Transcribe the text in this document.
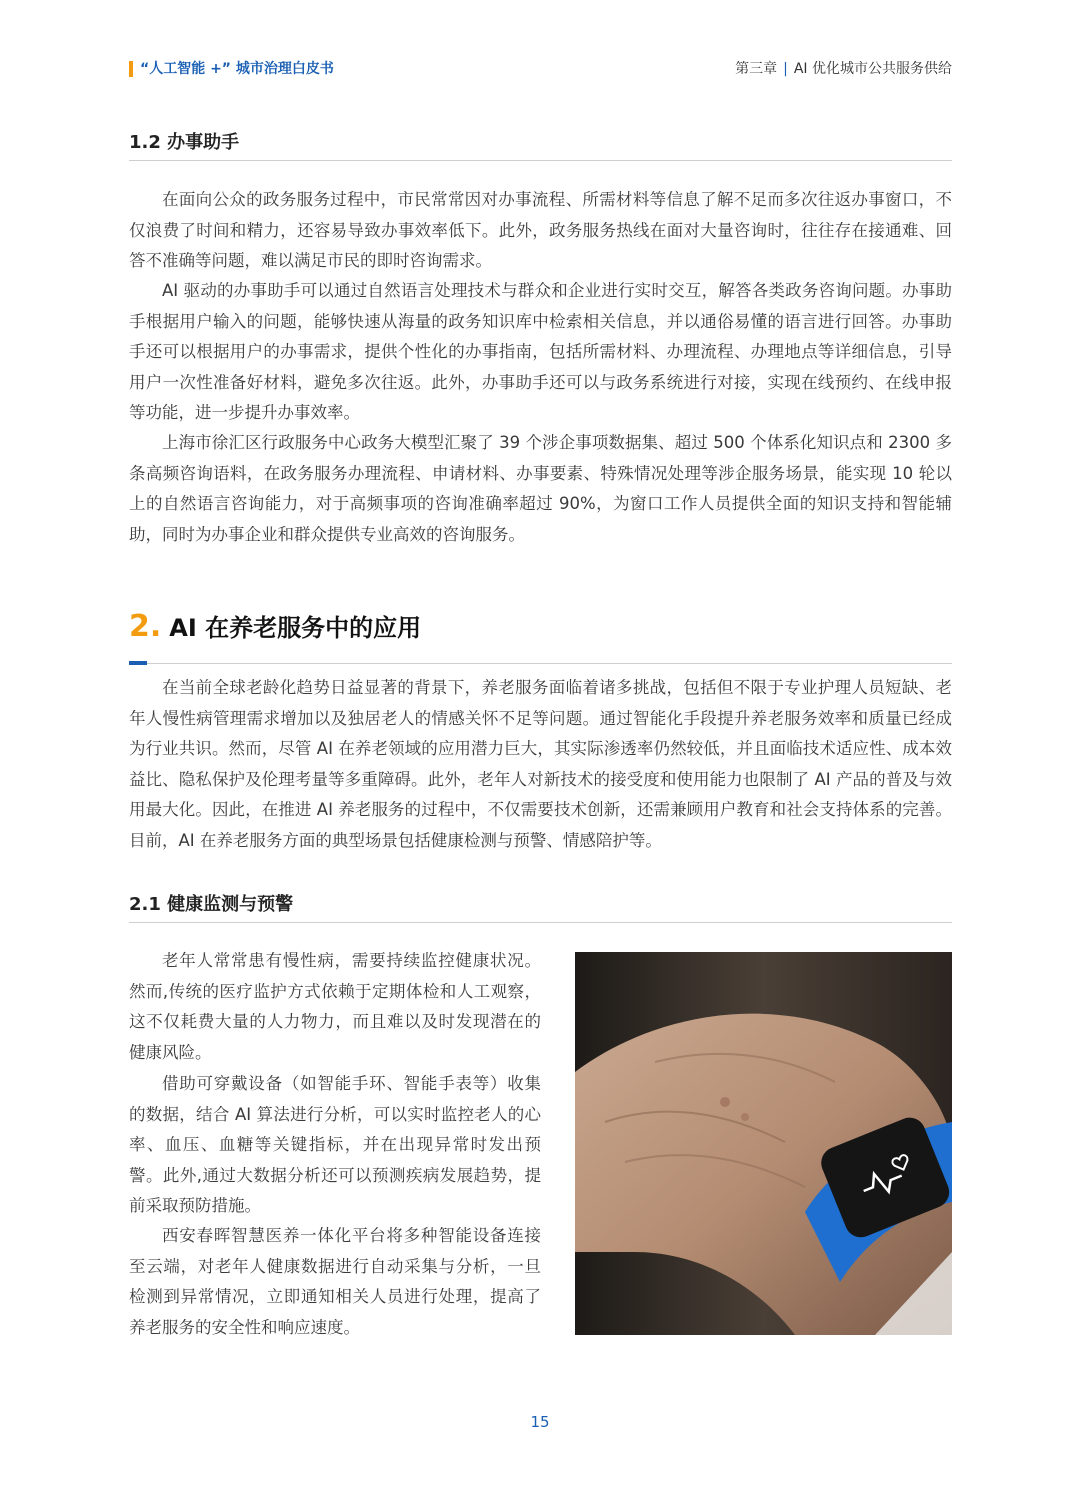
“人工智能 +” 城市治理白皮书	第三章 | AI 优化城市公共服务供给
1.2 办事助手

在面向公众的政务服务过程中，市民常常因对办事流程、所需材料等信息了解不足而多次往返办事窗口，不仅浪费了时间和精力，还容易导致办事效率低下。此外，政务服务热线在面对大量咨询时，往往存在接通难、回答不准确等问题，难以满足市民的即时咨询需求。

AI 驱动的办事助手可以通过自然语言处理技术与群众和企业进行实时交互，解答各类政务咨询问题。办事助手根据用户输入的问题，能够快速从海量的政务知识库中检索相关信息，并以通俗易懂的语言进行回答。办事助手还可以根据用户的办事需求，提供个性化的办事指南，包括所需材料、办理流程、办理地点等详细信息，引导用户一次性准备好材料，避免多次往返。此外，办事助手还可以与政务系统进行对接，实现在线预约、在线申报等功能，进一步提升办事效率。

上海市徐汇区行政服务中心政务大模型汇聚了 39 个涉企事项数据集、超过 500 个体系化知识点和 2300 多条高频咨询语料，在政务服务办理流程、申请材料、办事要素、特殊情况处理等涉企服务场景，能实现 10 轮以上的自然语言咨询能力，对于高频事项的咨询准确率超过 90%，为窗口工作人员提供全面的知识支持和智能辅助，同时为办事企业和群众提供专业高效的咨询服务。

2. AI 在养老服务中的应用

在当前全球老龄化趋势日益显著的背景下，养老服务面临着诸多挑战，包括但不限于专业护理人员短缺、老年人慢性病管理需求增加以及独居老人的情感关怀不足等问题。通过智能化手段提升养老服务效率和质量已经成为行业共识。然而，尽管 AI 在养老领域的应用潜力巨大，其实际渗透率仍然较低，并且面临技术适应性、成本效益比、隐私保护及伦理考量等多重障碍。此外，老年人对新技术的接受度和使用能力也限制了 AI 产品的普及与效用最大化。因此，在推进 AI 养老服务的过程中，不仅需要技术创新，还需兼顾用户教育和社会支持体系的完善。目前，AI 在养老服务方面的典型场景包括健康检测与预警、情感陪护等。

2.1 健康监测与预警

老年人常常患有慢性病，需要持续监控健康状况。然而,传统的医疗监护方式依赖于定期体检和人工观察，这不仅耗费大量的人力物力，而且难以及时发现潜在的健康风险。

借助可穿戴设备（如智能手环、智能手表等）收集的数据，结合 AI 算法进行分析，可以实时监控老人的心率、血压、血糖等关键指标，并在出现异常时发出预警。此外,通过大数据分析还可以预测疾病发展趋势，提前采取预防措施。

西安春晖智慧医养一体化平台将多种智能设备连接至云端，对老年人健康数据进行自动采集与分析，一旦检测到异常情况，立即通知相关人员进行处理，提高了养老服务的安全性和响应速度。

15
